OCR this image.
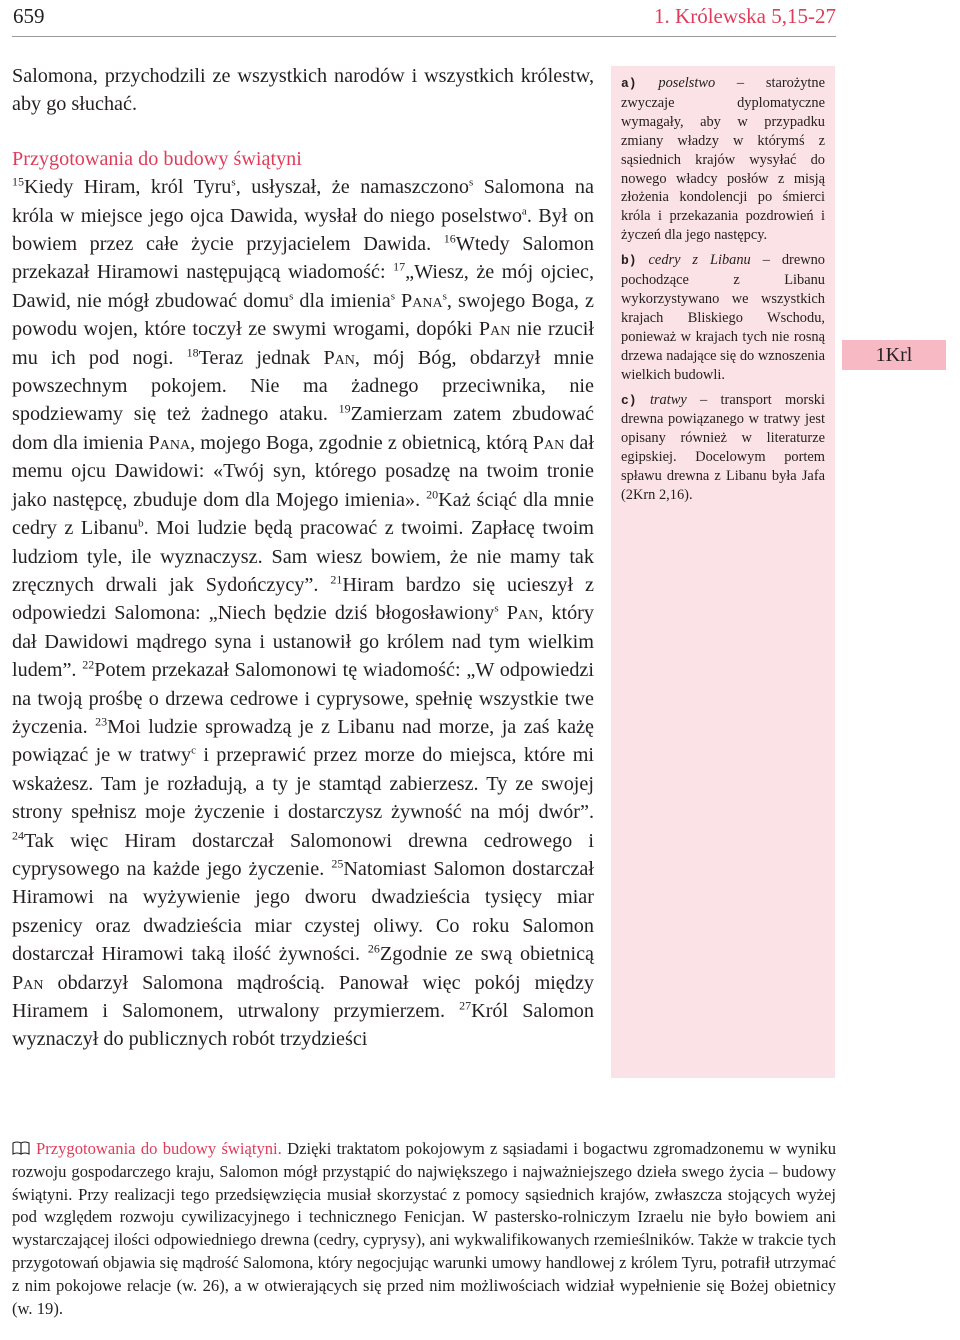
659	1. Królewska 5,15-27

Salomona, przychodzili ze wszystkich narodów i wszystkich królestw, aby go słuchać.

Przygotowania do budowy świątyni

$^{15}$Kiedy Hiram, król Tyru$^s$, usłyszał, że namaszczono$^s$ Salomona na króla w miejsce jego ojca Dawida, wysłał do niego poselstwo$^a$. Był on bowiem przez całe życie przyjacielem Dawida. $^{16}$Wtedy Salomon przekazał Hiramowi następującą wiadomość: $^{17}$„Wiesz, że mój ojciec, Dawid, nie mógł zbudować domu$^s$ dla imienia$^s$ Pana$^s$, swojego Boga, z powodu wojen, które toczył ze swymi wrogami, dopóki Pan nie rzucił mu ich pod nogi. $^{18}$Teraz jednak Pan, mój Bóg, obdarzył mnie powszechnym pokojem. Nie ma żadnego przeciwnika, nie spodziewamy się też żadnego ataku. $^{19}$Zamierzam zatem zbudować dom dla imienia Pana, mojego Boga, zgodnie z obietnicą, którą Pan dał memu ojcu Dawidowi: «Twój syn, którego posadzę na twoim tronie jako następcę, zbuduje dom dla Mojego imienia». $^{20}$Każ ściąć dla mnie cedry z Libanu$^b$. Moi ludzie będą pracować z twoimi. Zapłacę twoim ludziom tyle, ile wyznaczysz. Sam wiesz bowiem, że nie mamy tak zręcznych drwali jak Sydończycy”. $^{21}$Hiram bardzo się ucieszył z odpowiedzi Salomona: „Niech będzie dziś błogosławiony$^s$ Pan, który dał Dawidowi mądrego syna i ustanowił go królem nad tym wielkim ludem”. $^{22}$Potem przekazał Salomonowi tę wiadomość: „W odpowiedzi na twoją prośbę o drzewa cedrowe i cyprysowe, spełnię wszystkie twe życzenia. $^{23}$Moi ludzie sprowadzą je z Libanu nad morze, ja zaś każę powiązać je w tratwy$^c$ i przeprawić przez morze do miejsca, które mi wskażesz. Tam je rozładują, a ty je stamtąd zabierzesz. Ty ze swojej strony spełnisz moje życzenie i dostarczysz żywność na mój dwór”. $^{24}$Tak więc Hiram dostarczał Salomonowi drewna cedrowego i cyprysowego na każde jego życzenie. $^{25}$Natomiast Salomon dostarczał Hiramowi na wyżywienie jego dworu dwadzieścia tysięcy miar pszenicy oraz dwadzieścia miar czystej oliwy. Co roku Salomon dostarczał Hiramowi taką ilość żywności. $^{26}$Zgodnie ze swą obietnicą Pan obdarzył Salomona mądrością. Panował więc pokój między Hiramem i Salomonem, utrwalony przymierzem. $^{27}$Król Salomon wyznaczył do publicznych robót trzydzieści

a) poselstwo – starożytne zwyczaje dyplomatyczne wymagały, aby w przypadku zmiany władzy w którymś z sąsiednich krajów wysyłać do nowego władcy posłów z misją złożenia kondolencji po śmierci króla i przekazania pozdrowień i życzeń dla jego następcy.
b) cedry z Libanu – drewno pochodzące z Libanu wykorzystywano we wszystkich krajach Bliskiego Wschodu, ponieważ w krajach tych nie rosną drzewa nadające się do wznoszenia wielkich budowli.
c) tratwy – transport morski drewna powiązanego w tratwy jest opisany również w literaturze egipskiej. Docelowym portem spławu drewna z Libanu była Jafa (2Krn 2,16).
1Krl
Przygotowania do budowy świątyni. Dzięki traktatom pokojowym z sąsiadami i bogactwu zgromadzonemu w wyniku rozwoju gospodarczego kraju, Salomon mógł przystąpić do największego i najważniejszego dzieła swego życia – budowy świątyni. Przy realizacji tego przedsięwzięcia musiał skorzystać z pomocy sąsiednich krajów, zwłaszcza stojących wyżej pod względem rozwoju cywilizacyjnego i technicznego Fenicjan. W pastersko-rolniczym Izraelu nie było bowiem ani wystarczającej ilości odpowiedniego drewna (cedry, cyprysy), ani wykwalifikowanych rzemieślników. Także w trakcie tych przygotowań objawia się mądrość Salomona, który negocjując warunki umowy handlowej z królem Tyru, potrafił utrzymać z nim pokojowe relacje (w. 26), a w otwierających się przed nim możliwościach widział wypełnienie się Bożej obietnicy (w. 19).
